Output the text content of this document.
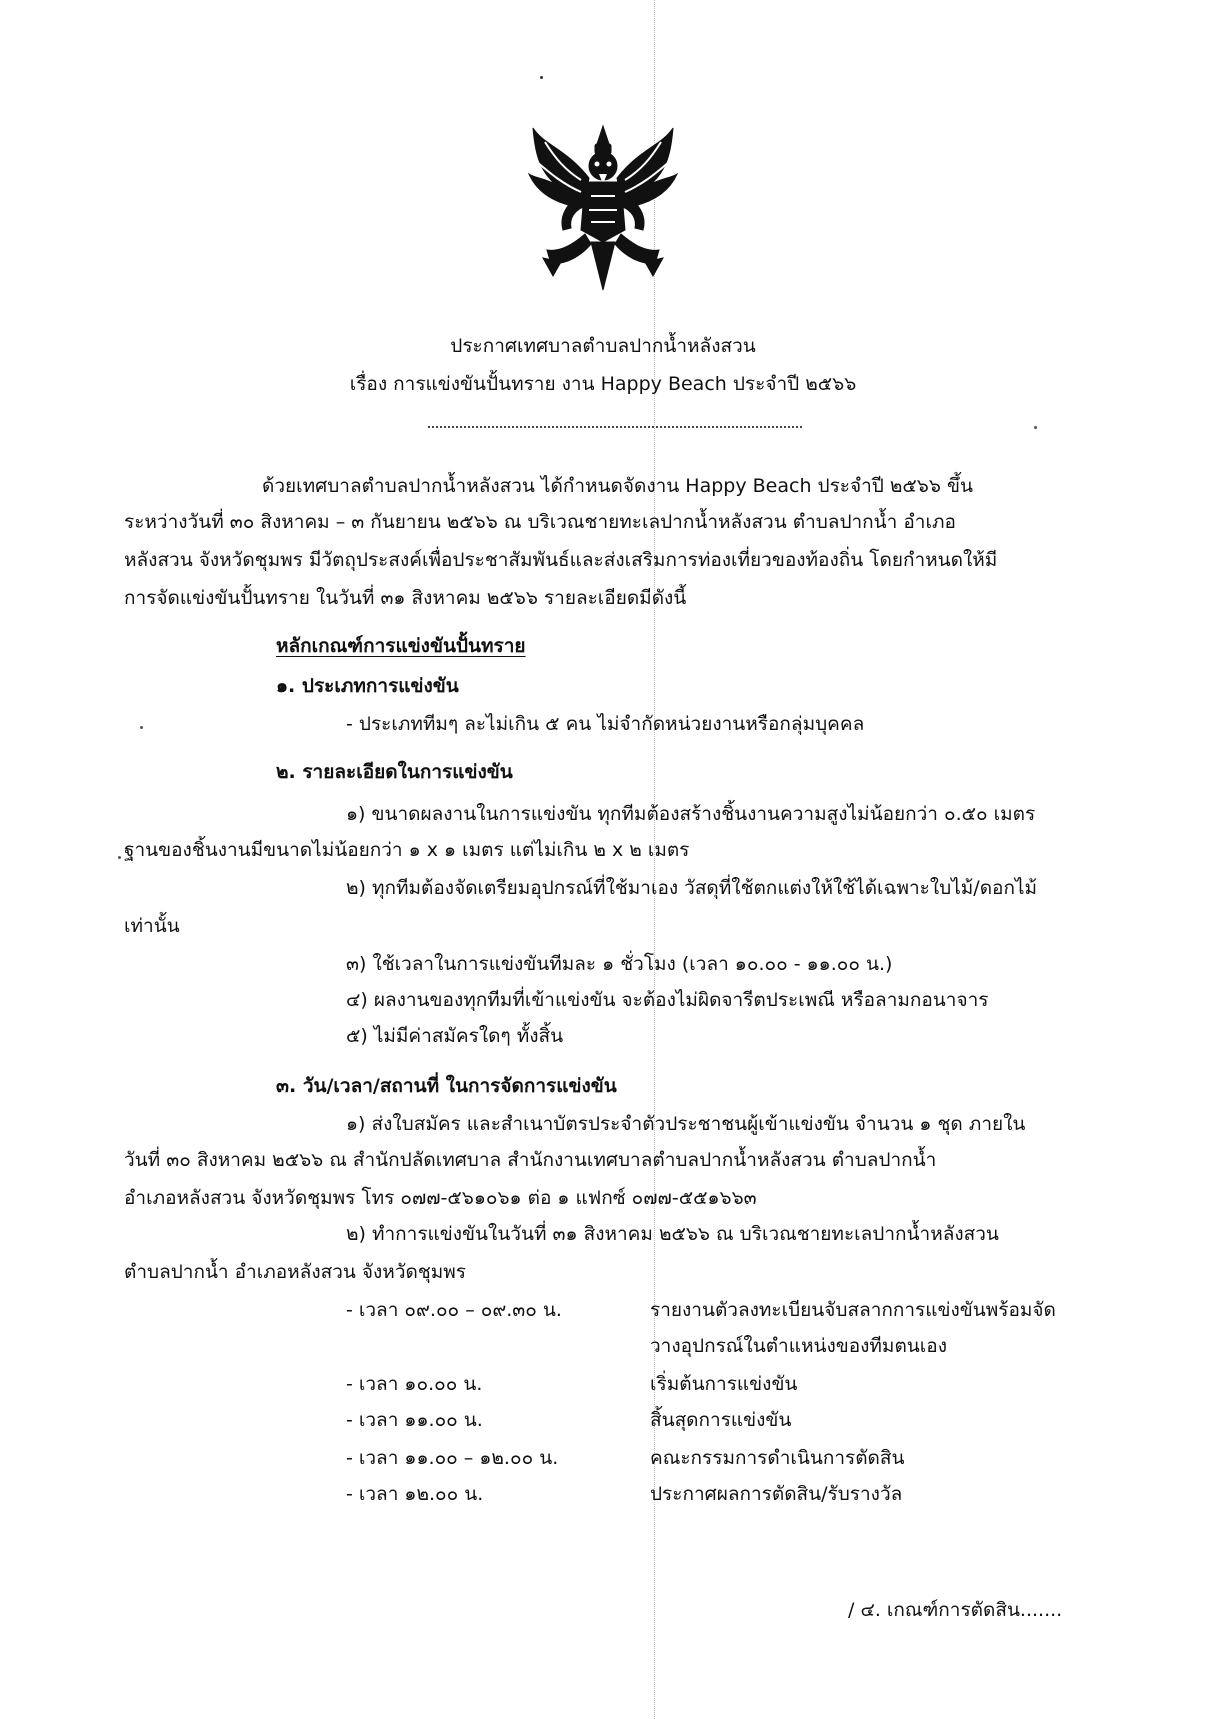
ประกาศเทศบาลตำบลปากน้ำหลังสวน
เรื่อง การแข่งขันปั้นทราย งาน Happy Beach ประจำปี ๒๕๖๖
ด้วยเทศบาลตำบลปากน้ำหลังสวน ได้กำหนดจัดงาน Happy Beach ประจำปี ๒๕๖๖ ขึ้น
ระหว่างวันที่ ๓๐ สิงหาคม – ๓ กันยายน ๒๕๖๖ ณ บริเวณชายทะเลปากน้ำหลังสวน ตำบลปากน้ำ อำเภอ
หลังสวน จังหวัดชุมพร มีวัตถุประสงค์เพื่อประชาสัมพันธ์และส่งเสริมการท่องเที่ยวของท้องถิ่น โดยกำหนดให้มี
การจัดแข่งขันปั้นทราย ในวันที่ ๓๑ สิงหาคม ๒๕๖๖ รายละเอียดมีดังนี้
หลักเกณฑ์การแข่งขันปั้นทราย
๑. ประเภทการแข่งขัน
- ประเภททีมๆ ละไม่เกิน ๕ คน ไม่จำกัดหน่วยงานหรือกลุ่มบุคคล
๒. รายละเอียดในการแข่งขัน
๑) ขนาดผลงานในการแข่งขัน ทุกทีมต้องสร้างชิ้นงานความสูงไม่น้อยกว่า ๐.๕๐ เมตร
ฐานของชิ้นงานมีขนาดไม่น้อยกว่า ๑ x ๑ เมตร แต่ไม่เกิน ๒ x ๒ เมตร
๒) ทุกทีมต้องจัดเตรียมอุปกรณ์ที่ใช้มาเอง วัสดุที่ใช้ตกแต่งให้ใช้ได้เฉพาะใบไม้/ดอกไม้
เท่านั้น
๓) ใช้เวลาในการแข่งขันทีมละ ๑ ชั่วโมง (เวลา ๑๐.๐๐ - ๑๑.๐๐ น.)
๔) ผลงานของทุกทีมที่เข้าแข่งขัน จะต้องไม่ผิดจารีตประเพณี หรือลามกอนาจาร
๕) ไม่มีค่าสมัครใดๆ ทั้งสิ้น
๓. วัน/เวลา/สถานที่ ในการจัดการแข่งขัน
๑) ส่งใบสมัคร และสำเนาบัตรประจำตัวประชาชนผู้เข้าแข่งขัน จำนวน ๑ ชุด ภายใน
วันที่ ๓๐ สิงหาคม ๒๕๖๖ ณ สำนักปลัดเทศบาล สำนักงานเทศบาลตำบลปากน้ำหลังสวน ตำบลปากน้ำ
อำเภอหลังสวน จังหวัดชุมพร โทร ๐๗๗-๕๖๑๐๖๑ ต่อ ๑ แฟกซ์ ๐๗๗-๕๕๑๖๖๓
๒) ทำการแข่งขันในวันที่ ๓๑ สิงหาคม ๒๕๖๖ ณ บริเวณชายทะเลปากน้ำหลังสวน
ตำบลปากน้ำ อำเภอหลังสวน จังหวัดชุมพร
- เวลา ๐๙.๐๐ – ๐๙.๓๐ น.	รายงานตัวลงทะเบียนจับสลากการแข่งขันพร้อมจัด
วางอุปกรณ์ในตำแหน่งของทีมตนเอง
- เวลา ๑๐.๐๐ น.	เริ่มต้นการแข่งขัน
- เวลา ๑๑.๐๐ น.	สิ้นสุดการแข่งขัน
- เวลา ๑๑.๐๐ – ๑๒.๐๐ น.	คณะกรรมการดำเนินการตัดสิน
- เวลา ๑๒.๐๐ น.	ประกาศผลการตัดสิน/รับรางวัล
/ ๔. เกณฑ์การตัดสิน.......
